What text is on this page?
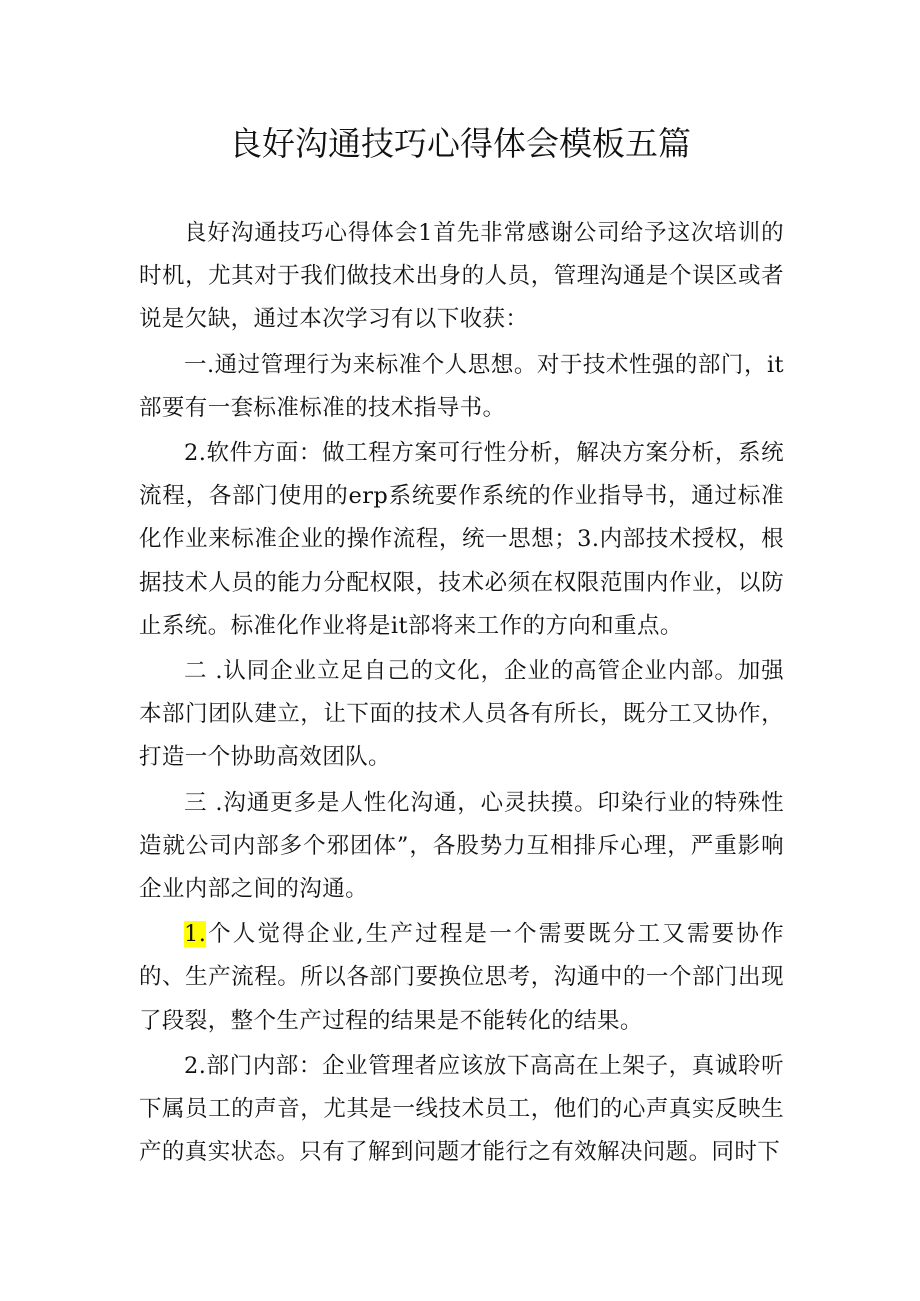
良好沟通技巧心得体会模板五篇

良好沟通技巧心得体会1首先非常感谢公司给予这次培训的时机，尤其对于我们做技术出身的人员，管理沟通是个误区或者说是欠缺，通过本次学习有以下收获：

一.通过管理行为来标准个人思想。对于技术性强的部门，it部要有一套标准标准的技术指导书。

2.软件方面：做工程方案可行性分析，解决方案分析，系统流程，各部门使用的erp系统要作系统的作业指导书，通过标准化作业来标准企业的操作流程，统一思想；3.内部技术授权，根据技术人员的能力分配权限，技术必须在权限范围内作业，以防止系统。标准化作业将是it部将来工作的方向和重点。

二 .认同企业立足自己的文化，企业的高管企业内部。加强本部门团队建立，让下面的技术人员各有所长，既分工又协作，打造一个协助高效团队。

三 .沟通更多是人性化沟通，心灵扶摸。印染行业的特殊性造就公司内部多个邪团体”，各股势力互相排斥心理，严重影响企业内部之间的沟通。

1.个人觉得企业,生产过程是一个需要既分工又需要协作的、生产流程。所以各部门要换位思考，沟通中的一个部门出现了段裂，整个生产过程的结果是不能转化的结果。

2.部门内部：企业管理者应该放下高高在上架子，真诚聆听下属员工的声音，尤其是一线技术员工，他们的心声真实反映生产的真实状态。只有了解到问题才能行之有效解决问题。同时下
